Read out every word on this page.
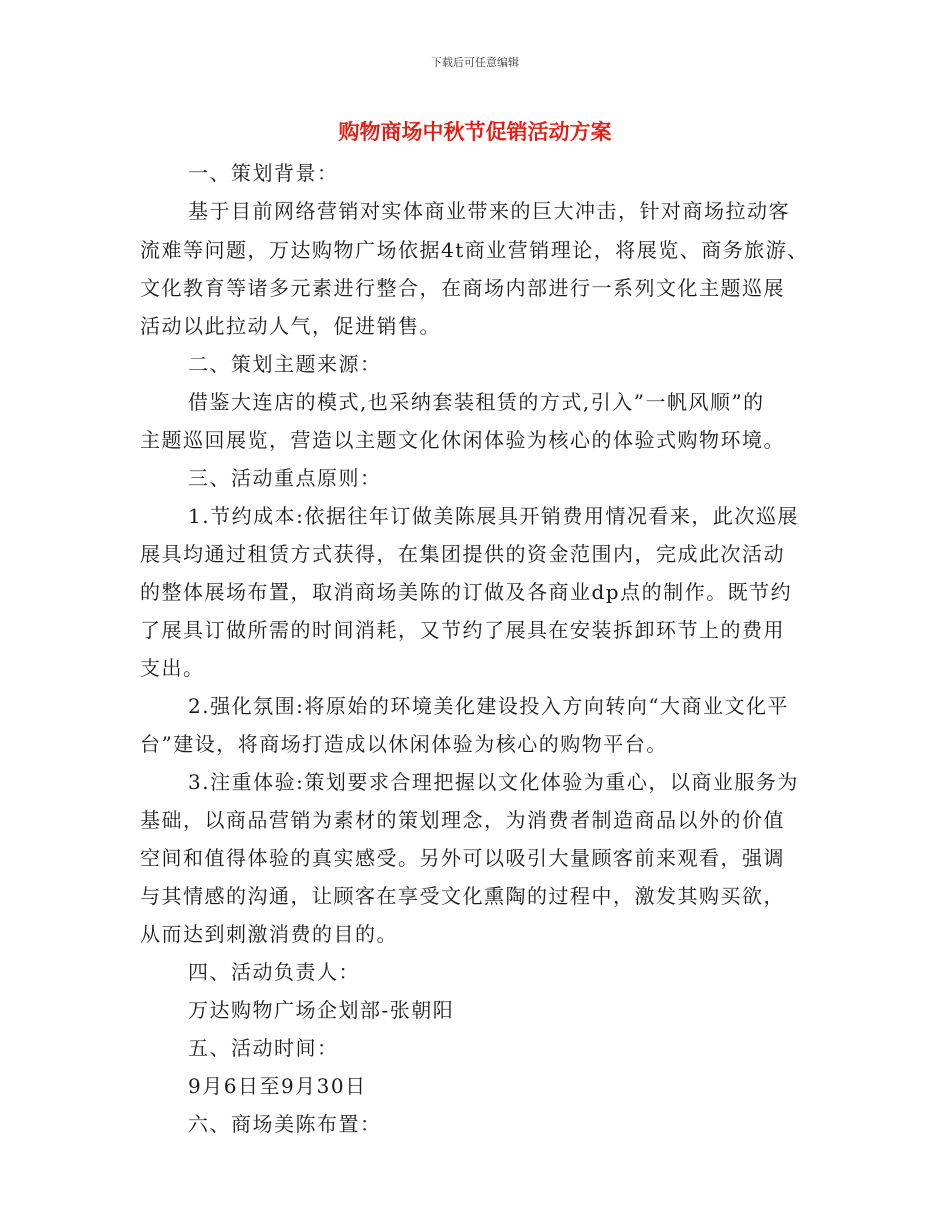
下载后可任意编辑
购物商场中秋节促销活动方案
一、策划背景：
基于目前网络营销对实体商业带来的巨大冲击，针对商场拉动客
流难等问题，万达购物广场依据4t商业营销理论，将展览、商务旅游、
文化教育等诸多元素进行整合，在商场内部进行一系列文化主题巡展
活动以此拉动人气，促进销售。
二、策划主题来源：
借鉴大连店的模式,也采纳套装租赁的方式,引入”一帆风顺”的
主题巡回展览，营造以主题文化休闲体验为核心的体验式购物环境。
三、活动重点原则：
1.节约成本:依据往年订做美陈展具开销费用情况看来，此次巡展
展具均通过租赁方式获得，在集团提供的资金范围内，完成此次活动
的整体展场布置，取消商场美陈的订做及各商业dp点的制作。既节约
了展具订做所需的时间消耗，又节约了展具在安装拆卸环节上的费用
支出。
2.强化氛围:将原始的环境美化建设投入方向转向“大商业文化平
台”建设，将商场打造成以休闲体验为核心的购物平台。
3.注重体验:策划要求合理把握以文化体验为重心，以商业服务为
基础，以商品营销为素材的策划理念，为消费者制造商品以外的价值
空间和值得体验的真实感受。另外可以吸引大量顾客前来观看，强调
与其情感的沟通，让顾客在享受文化熏陶的过程中，激发其购买欲，
从而达到刺激消费的目的。
四、活动负责人：
万达购物广场企划部-张朝阳
五、活动时间：
9月6日至9月30日
六、商场美陈布置：
